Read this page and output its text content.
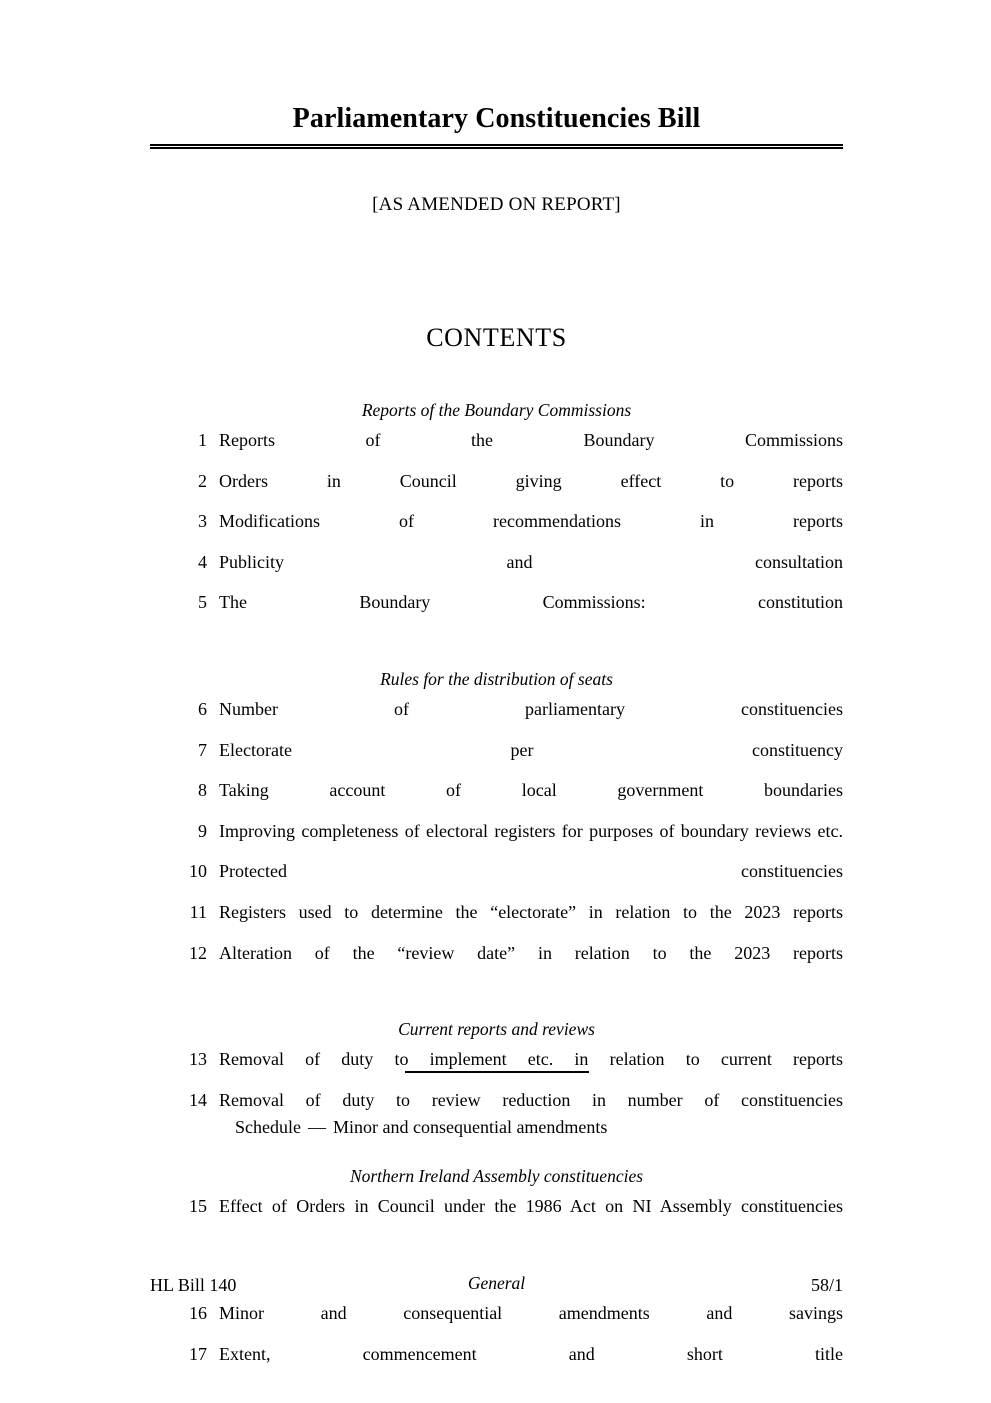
Parliamentary Constituencies Bill
[AS AMENDED ON REPORT]
CONTENTS
Reports of the Boundary Commissions
1 Reports of the Boundary Commissions
2 Orders in Council giving effect to reports
3 Modifications of recommendations in reports
4 Publicity and consultation
5 The Boundary Commissions: constitution
Rules for the distribution of seats
6 Number of parliamentary constituencies
7 Electorate per constituency
8 Taking account of local government boundaries
9 Improving completeness of electoral registers for purposes of boundary reviews etc.
10 Protected constituencies
11 Registers used to determine the “electorate” in relation to the 2023 reports
12 Alteration of the “review date” in relation to the 2023 reports
Current reports and reviews
13 Removal of duty to implement etc. in relation to current reports
14 Removal of duty to review reduction in number of constituencies
Northern Ireland Assembly constituencies
15 Effect of Orders in Council under the 1986 Act on NI Assembly constituencies
General
16 Minor and consequential amendments and savings
17 Extent, commencement and short title
Schedule — Minor and consequential amendments
HL Bill 140	58/1
